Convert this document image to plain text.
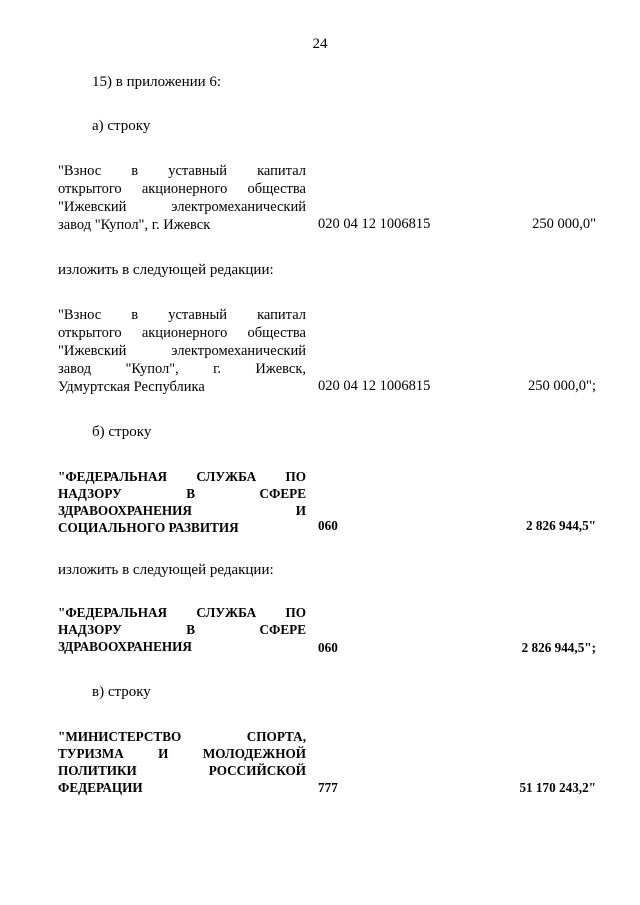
24
15) в приложении 6:
а) строку
"Взнос в уставный капитал
открытого акционерного общества
"Ижевский электромеханический
завод "Купол", г. Ижевск	020 04 12 1006815	250 000,0"
изложить в следующей редакции:
"Взнос в уставный капитал
открытого акционерного общества
"Ижевский электромеханический
завод "Купол", г. Ижевск,
Удмуртская Республика	020 04 12 1006815	250 000,0";
б) строку
"ФЕДЕРАЛЬНАЯ СЛУЖБА ПО
НАДЗОРУ В СФЕРЕ
ЗДРАВООХРАНЕНИЯ И
СОЦИАЛЬНОГО РАЗВИТИЯ	060	2 826 944,5"
изложить в следующей редакции:
"ФЕДЕРАЛЬНАЯ СЛУЖБА ПО
НАДЗОРУ В СФЕРЕ
ЗДРАВООХРАНЕНИЯ	060	2 826 944,5";
в) строку
"МИНИСТЕРСТВО СПОРТА,
ТУРИЗМА И МОЛОДЕЖНОЙ
ПОЛИТИКИ РОССИЙСКОЙ
ФЕДЕРАЦИИ	777	51 170 243,2"
